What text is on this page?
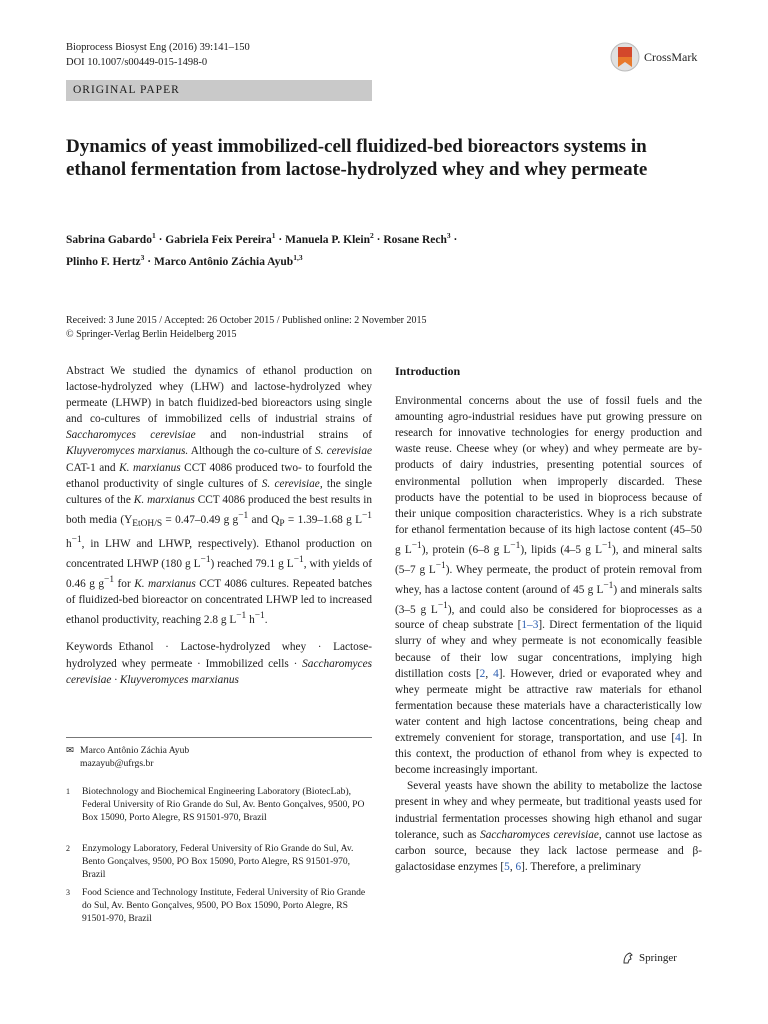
Bioprocess Biosyst Eng (2016) 39:141–150
DOI 10.1007/s00449-015-1498-0	CrossMark
ORIGINAL PAPER
Dynamics of yeast immobilized-cell fluidized-bed bioreactors systems in ethanol fermentation from lactose-hydrolyzed whey and whey permeate
Sabrina Gabardo$^1$ · Gabriela Feix Pereira$^1$ · Manuela P. Klein$^2$ · Rosane Rech$^3$ ·
Plinho F. Hertz$^3$ · Marco Antônio Záchia Ayub$^{1,3}$
Received: 3 June 2015 / Accepted: 26 October 2015 / Published online: 2 November 2015
© Springer-Verlag Berlin Heidelberg 2015

Abstract We studied the dynamics of ethanol production on lactose-hydrolyzed whey (LHW) and lactose-hydrolyzed whey permeate (LHWP) in batch fluidized-bed bioreactors using single and co-cultures of immobilized cells of industrial strains of Saccharomyces cerevisiae and non-industrial strains of Kluyveromyces marxianus. Although the co-culture of S. cerevisiae CAT-1 and K. marxianus CCT 4086 produced two- to fourfold the ethanol productivity of single cultures of S. cerevisiae, the single cultures of the K. marxianus CCT 4086 produced the best results in both media ($Y_{EtOH/S} = 0.47-0.49$ g $g^{-1}$ and $Q_P = 1.39-1.68$ g $L^{-1}$ $h^{-1}$, in LHW and LHWP, respectively). Ethanol production on concentrated LHWP (180 g $L^{-1}$) reached 79.1 g $L^{-1}$, with yields of 0.46 g $g^{-1}$ for K. marxianus CCT 4086 cultures. Repeated batches of fluidized-bed bioreactor on concentrated LHWP led to increased ethanol productivity, reaching 2.8 g $L^{-1}$ $h^{-1}$.

Keywords Ethanol · Lactose-hydrolyzed whey · Lactose-hydrolyzed whey permeate · Immobilized cells · Saccharomyces cerevisiae · Kluyveromyces marxianus

✉ Marco Antônio Záchia Ayub
mazayub@ufrgs.br
1	Biotechnology and Biochemical Engineering Laboratory (BiotecLab), Federal University of Rio Grande do Sul, Av. Bento Gonçalves, 9500, PO Box 15090, Porto Alegre, RS 91501-970, Brazil
2	Enzymology Laboratory, Federal University of Rio Grande do Sul, Av. Bento Gonçalves, 9500, PO Box 15090, Porto Alegre, RS 91501-970, Brazil
3	Food Science and Technology Institute, Federal University of Rio Grande do Sul, Av. Bento Gonçalves, 9500, PO Box 15090, Porto Alegre, RS 91501-970, Brazil

Introduction

Environmental concerns about the use of fossil fuels and the amounting agro-industrial residues have put growing pressure on research for innovative technologies for energy production and waste reuse. Cheese whey (or whey) and whey permeate are by-products of dairy industries, presenting potential sources of environmental pollution when improperly discarded. These products have the potential to be used in bioprocess because of their unique composition characteristics. Whey is a rich substrate for ethanol fermentation because of its high lactose content (45–50 g $L^{-1}$), protein (6–8 g $L^{-1}$), lipids (4–5 g $L^{-1}$), and mineral salts (5–7 g $L^{-1}$). Whey permeate, the product of protein removal from whey, has a lactose content (around of 45 g $L^{-1}$) and minerals salts (3–5 g $L^{-1}$), and could also be considered for bioprocesses as a source of cheap substrate [1–3]. Direct fermentation of the liquid slurry of whey and whey permeate is not economically feasible because of their low sugar concentrations, implying high distillation costs [2, 4]. However, dried or evaporated whey and whey permeate might be attractive raw materials for ethanol fermentation because these materials have a characteristically low water content and high lactose concentrations, being cheap and extremely convenient for storage, transportation, and use [4]. In this context, the production of ethanol from whey is expected to become increasingly important.

Several yeasts have shown the ability to metabolize the lactose present in whey and whey permeate, but traditional yeasts used for industrial fermentation processes showing high ethanol and sugar tolerance, such as Saccharomyces cerevisiae, cannot use lactose as carbon source, because they lack lactose permease and β-galactosidase enzymes [5, 6]. Therefore, a preliminary

Springer
